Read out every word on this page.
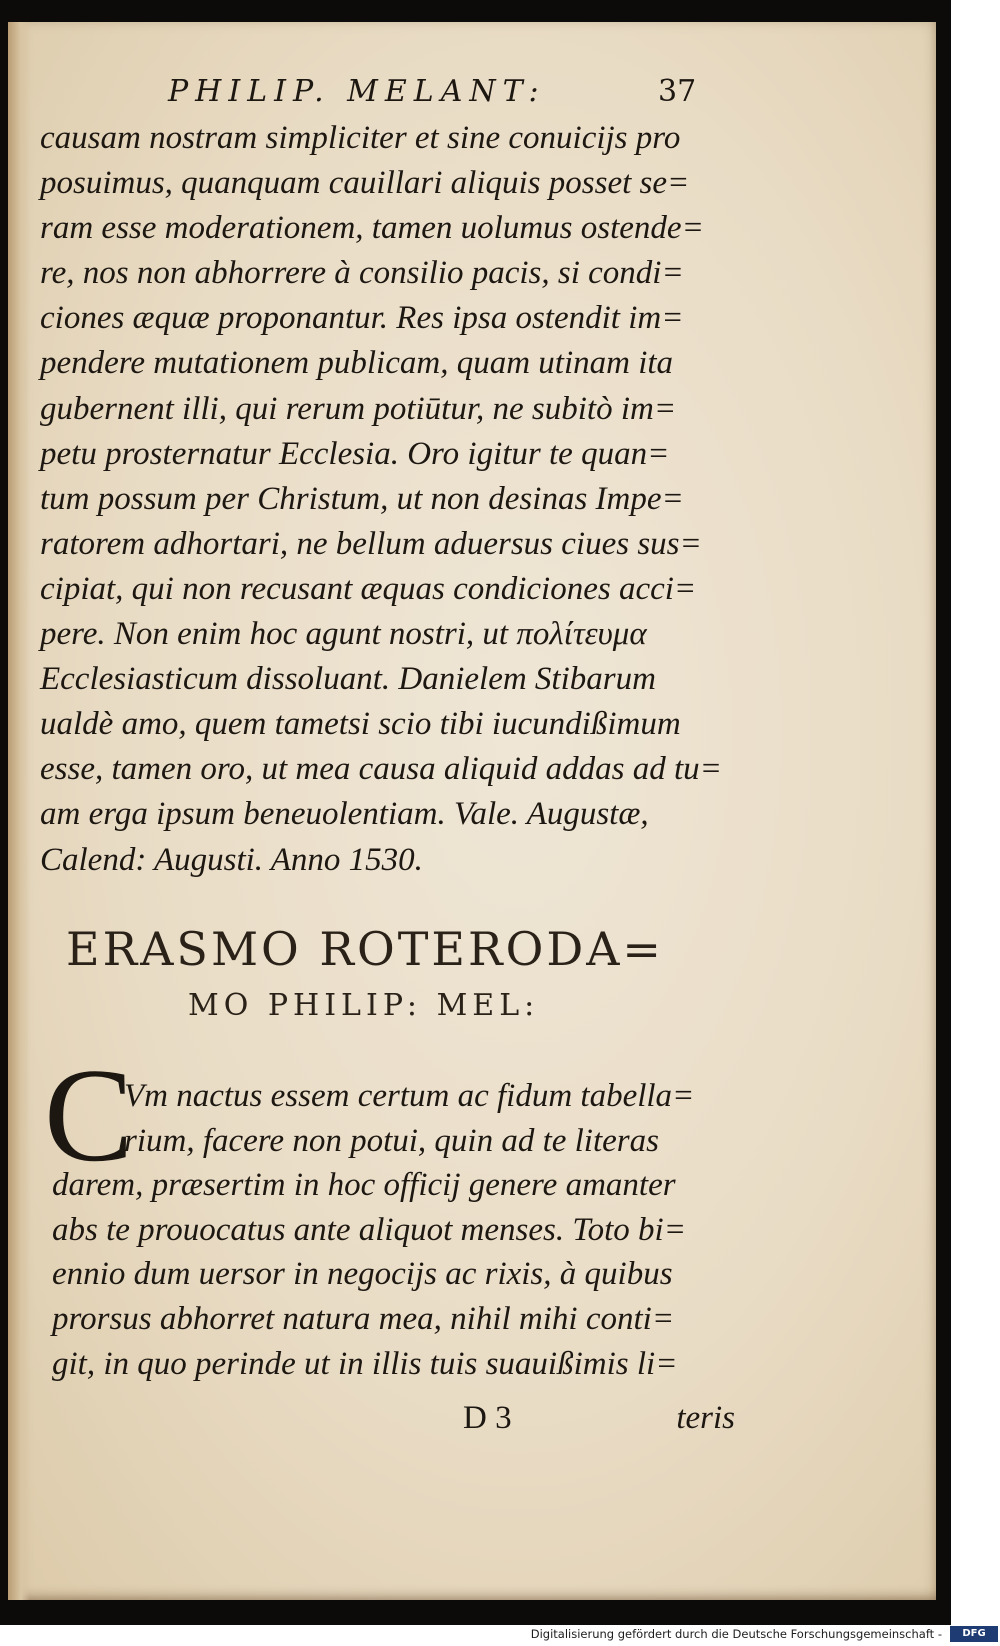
PHILIP. MELANT:	37
causam nostram simpliciter et sine conuicijs pro
posuimus, quanquam cauillari aliquis posset se=
ram esse moderationem, tamen uolumus ostende=
re, nos non abhorrere à consilio pacis, si condi=
ciones æquæ proponantur. Res ipsa ostendit im=
pendere mutationem publicam, quam utinam ita
gubernent illi, qui rerum potiūtur, ne subitò im=
petu prosternatur Ecclesia. Oro igitur te quan=
tum possum per Christum, ut non desinas Impe=
ratorem adhortari, ne bellum aduersus ciues sus=
cipiat, qui non recusant æquas condiciones acci=
pere. Non enim hoc agunt nostri, ut πολίτευμα
Ecclesiasticum dissoluant. Danielem Stibarum
ualdè amo, quem tametsi scio tibi iucundißimum
esse, tamen oro, ut mea causa aliquid addas ad tu=
am erga ipsum beneuolentiam. Vale. Augustæ,
Calend: Augusti. Anno 1530.
ERASMO ROTERODA=
MO PHILIP: MEL:
C
Vm nactus essem certum ac fidum tabella=
rium, facere non potui, quin ad te literas
darem, præsertim in hoc officij genere amanter
abs te prouocatus ante aliquot menses. Toto bi=
ennio dum uersor in negocijs ac rixis, à quibus
prorsus abhorret natura mea, nihil mihi conti=
git, in quo perinde ut in illis tuis suauißimis li=
D 3	teris
Digitalisierung gefördert durch die Deutsche Forschungsgemeinschaft -	DFG
